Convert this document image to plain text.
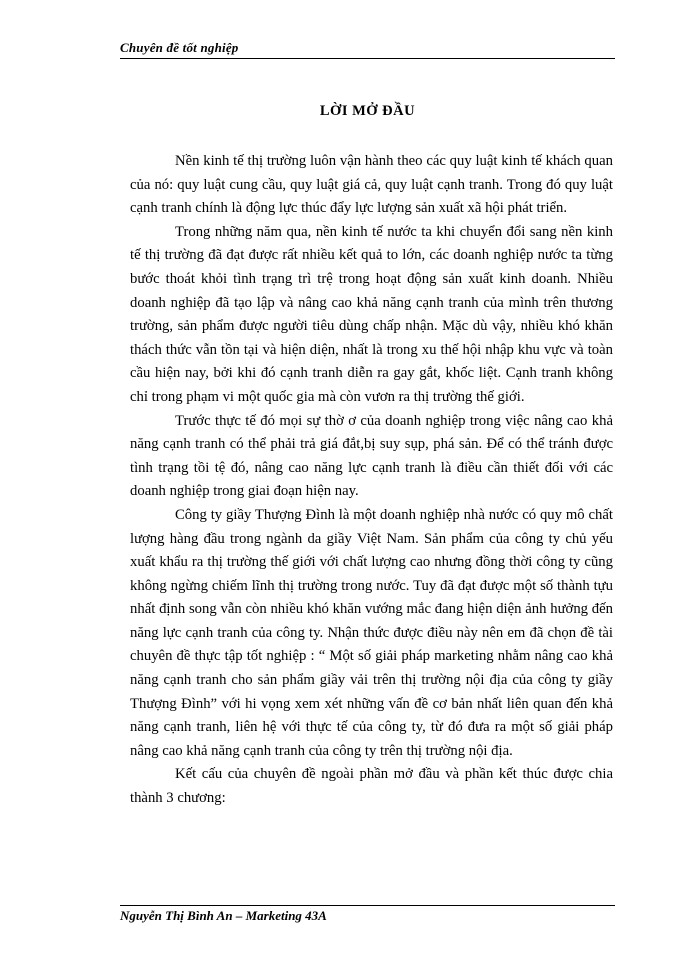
Chuyên đề tốt nghiệp
LỜI MỞ ĐẦU

Nền kinh tế thị trường luôn vận hành theo các quy luật kinh tế khách quan của nó: quy luật cung cầu, quy luật giá cả, quy luật cạnh tranh. Trong đó quy luật cạnh tranh chính là động lực thúc đẩy lực lượng sản xuất xã hội phát triển.

Trong những năm qua, nền kinh tế nước ta khi chuyển đổi sang nền kinh tế thị trường đã đạt được rất nhiều kết quả to lớn, các doanh nghiệp nước ta từng bước thoát khỏi tình trạng trì trệ trong hoạt động sản xuất kinh doanh. Nhiều doanh nghiệp đã tạo lập và nâng cao khả năng cạnh tranh của mình trên thương trường, sản phẩm được người tiêu dùng chấp nhận. Mặc dù vậy, nhiều khó khăn thách thức vẫn tồn tại và hiện diện, nhất là trong xu thế hội nhập khu vực và toàn cầu hiện nay, bởi khi đó cạnh tranh diễn ra gay gắt, khốc liệt. Cạnh tranh không chỉ trong phạm vi một quốc gia mà còn vươn ra thị trường thế giới.

Trước thực tế đó mọi sự thờ ơ của doanh nghiệp trong việc nâng cao khả năng cạnh tranh có thể phải trả giá đắt,bị suy sụp, phá sản. Để có thể tránh được tình trạng tồi tệ đó, nâng cao năng lực cạnh tranh là điều cần thiết đối với các doanh nghiệp trong giai đoạn hiện nay.

Công ty giầy Thượng Đình là một doanh nghiệp nhà nước có quy mô chất lượng hàng đầu trong ngành da giầy Việt Nam. Sản phẩm của công ty chủ yếu xuất khẩu ra thị trường thế giới với chất lượng cao nhưng đồng thời công ty cũng không ngừng chiếm lĩnh thị trường trong nước. Tuy đã đạt được một số thành tựu nhất định song vẫn còn nhiều khó khăn vướng mắc đang hiện diện ảnh hưởng đến năng lực cạnh tranh của công ty. Nhận thức được điều này nên em đã chọn đề tài chuyên đề thực tập tốt nghiệp : “ Một số giải pháp marketing nhằm nâng cao khả năng cạnh tranh cho sản phẩm giầy vải trên thị trường nội địa của công ty giầy Thượng Đình” với hi vọng xem xét những vấn đề cơ bản nhất liên quan đến khả năng cạnh tranh, liên hệ với thực tế của công ty, từ đó đưa ra một số giải pháp nâng cao khả năng cạnh tranh của công ty trên thị trường nội địa.

Kết cấu của chuyên đề ngoài phần mở đầu và phần kết thúc được chia thành 3 chương:

Nguyễn Thị Bình An – Marketing 43A
